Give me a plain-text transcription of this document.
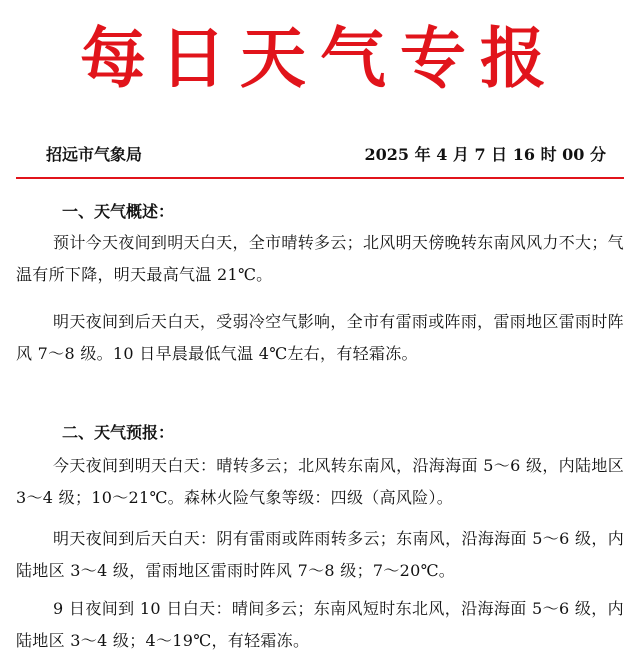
每日天气专报
招远市气象局	2025 年 4 月 7 日 16 时 00 分
一、天气概述：
预计今天夜间到明天白天，全市晴转多云；北风明天傍晚转东南风风力不大；气温有所下降，明天最高气温 21℃。
明天夜间到后天白天，受弱冷空气影响，全市有雷雨或阵雨，雷雨地区雷雨时阵风 7～8 级。10 日早晨最低气温 4℃左右，有轻霜冻。
二、天气预报：
今天夜间到明天白天：晴转多云；北风转东南风，沿海海面 5～6 级，内陆地区 3～4 级；10～21℃。森林火险气象等级：四级（高风险）。
明天夜间到后天白天：阴有雷雨或阵雨转多云；东南风，沿海海面 5～6 级，内陆地区 3～4 级，雷雨地区雷雨时阵风 7～8 级；7～20℃。
9 日夜间到 10 日白天：晴间多云；东南风短时东北风，沿海海面 5～6 级，内陆地区 3～4 级；4～19℃，有轻霜冻。
